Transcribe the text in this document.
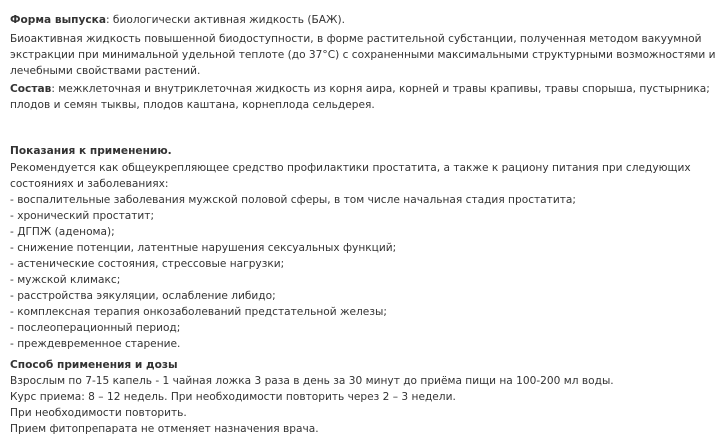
Форма выпуска: биологически активная жидкость (БАЖ).
Биоактивная жидкость повышенной биодоступности, в форме растительной субстанции, полученная методом вакуумной
экстракции при минимальной удельной теплоте (до 37°С) с сохраненными максимальными структурными возможностями и
лечебными свойствами растений.
Состав: межклеточная и внутриклеточная жидкость из корня аира, корней и травы крапивы, травы спорыша, пустырника;
плодов и семян тыквы, плодов каштана, корнеплода сельдерея.
Показания к применению.
Рекомендуется как общеукрепляющее средство профилактики простатита, а также к рациону питания при следующих
состояниях и заболеваниях:
- воспалительные заболевания мужской половой сферы, в том числе начальная стадия простатита;
- хронический простатит;
- ДГПЖ (аденома);
- снижение потенции, латентные нарушения сексуальных функций;
- астенические состояния, стрессовые нагрузки;
- мужской климакс;
- расстройства эякуляции, ослабление либидо;
- комплексная терапия онкозаболеваний предстательной железы;
- послеоперационный период;
- преждевременное старение.
Способ применения и дозы
Взрослым по 7-15 капель - 1 чайная ложка 3 раза в день за 30 минут до приёма пищи на 100-200 мл воды.
Курс приема: 8 – 12 недель. При необходимости повторить через 2 – 3 недели.
При необходимости повторить.
Прием фитопрепарата не отменяет назначения врача.
